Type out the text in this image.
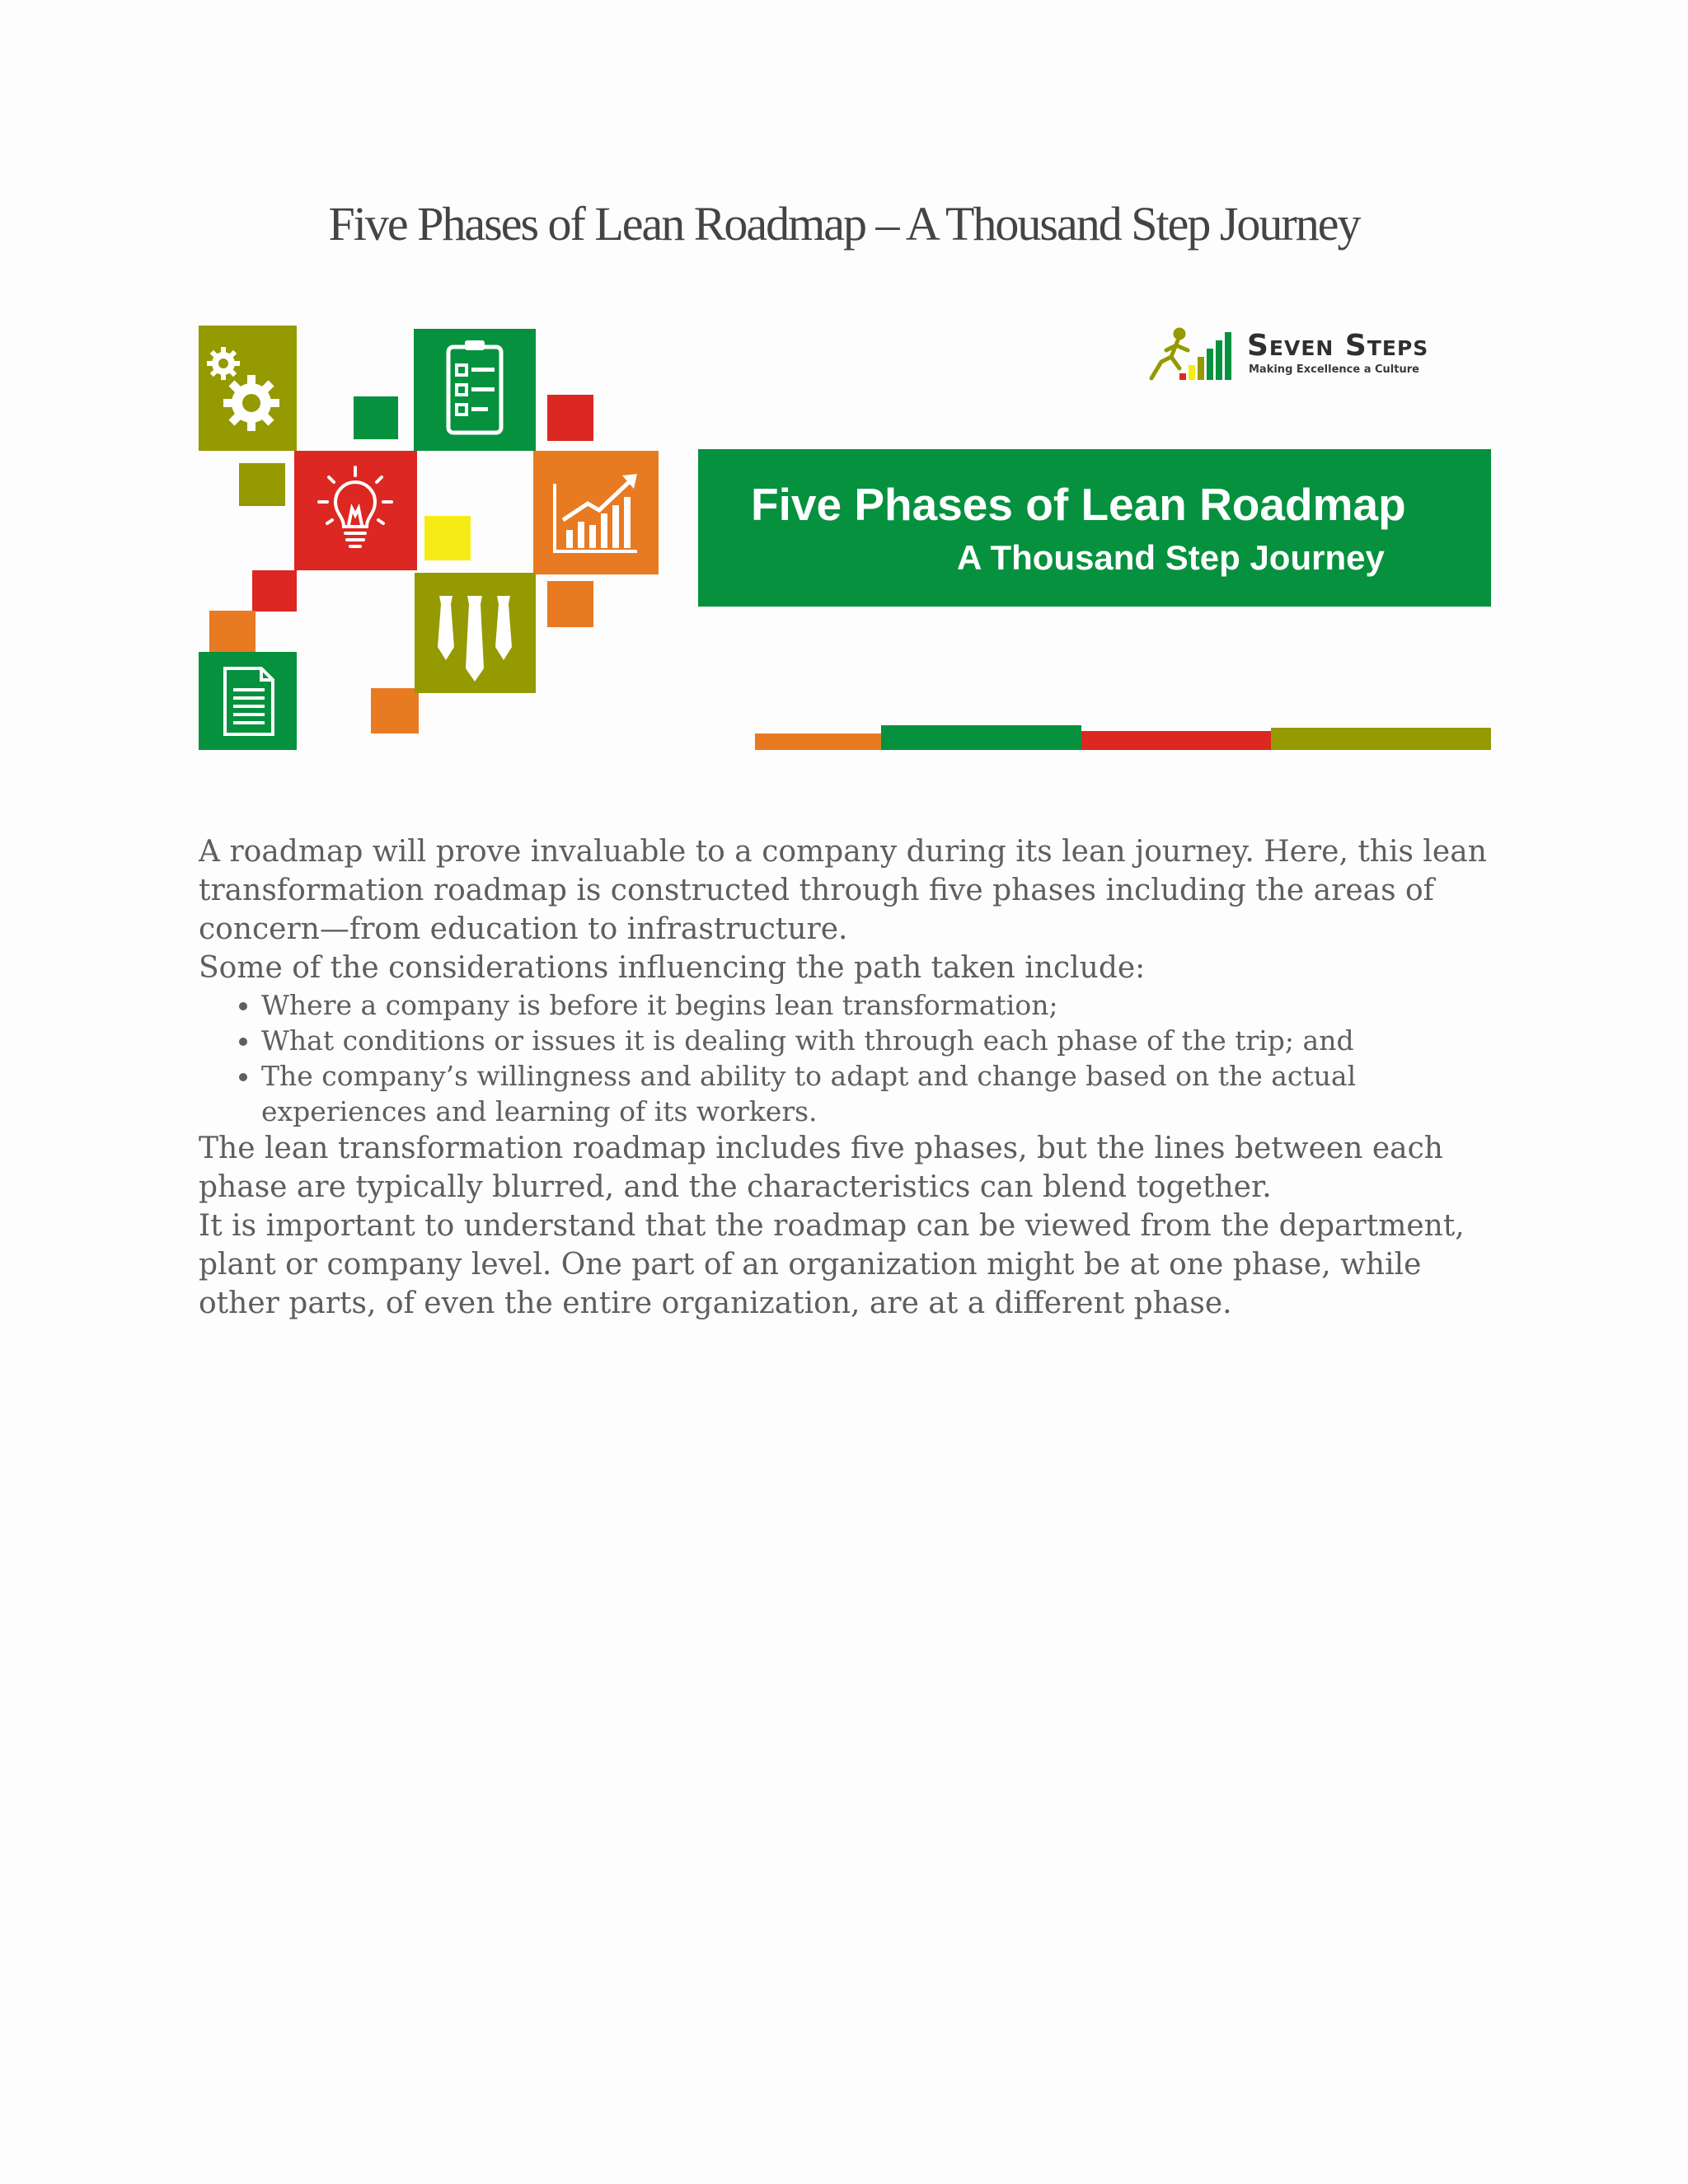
Five Phases of Lean Roadmap – A Thousand Step Journey
Seven Steps
Making Excellence a Culture
Five Phases of Lean Roadmap
A Thousand Step Journey

A roadmap will prove invaluable to a company during its lean journey. Here, this lean transformation roadmap is constructed through five phases including the areas of concern—from education to infrastructure.

Some of the considerations influencing the path taken include:

• Where a company is before it begins lean transformation;
• What conditions or issues it is dealing with through each phase of the trip; and
• The company’s willingness and ability to adapt and change based on the actual experiences and learning of its workers.

The lean transformation roadmap includes five phases, but the lines between each phase are typically blurred, and the characteristics can blend together.

It is important to understand that the roadmap can be viewed from the department, plant or company level. One part of an organization might be at one phase, while other parts, of even the entire organization, are at a different phase.
